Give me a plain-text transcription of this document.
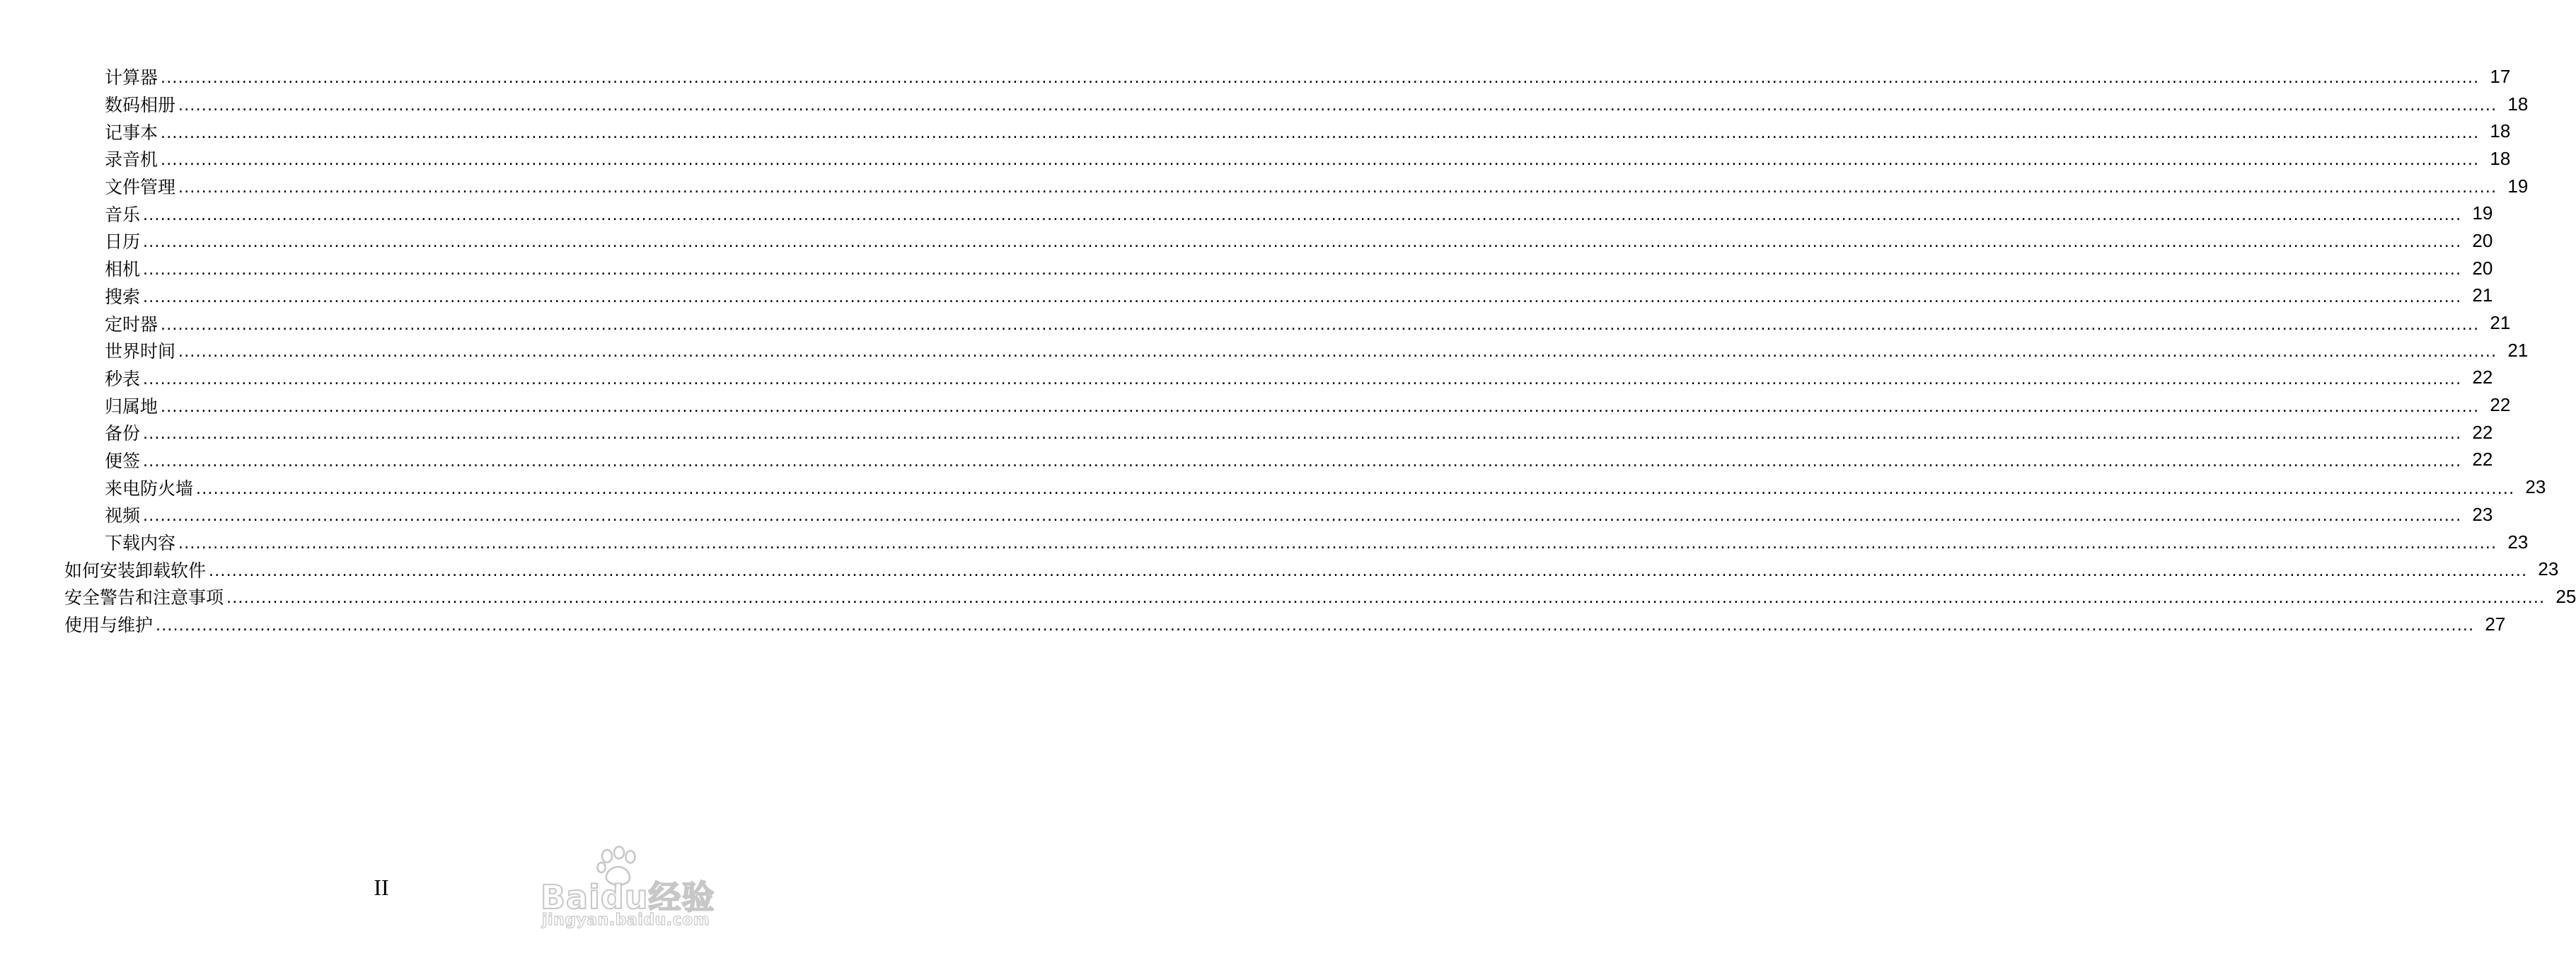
计算器 ................................................................................................................................................................................................................................................................................................................................................................................................................ 17
数码相册 ................................................................................................................................................................................................................................................................................................................................................................................................................ 18
记事本 ................................................................................................................................................................................................................................................................................................................................................................................................................ 18
录音机 ................................................................................................................................................................................................................................................................................................................................................................................................................ 18
文件管理 ................................................................................................................................................................................................................................................................................................................................................................................................................ 19
音乐 ................................................................................................................................................................................................................................................................................................................................................................................................................ 19
日历 ................................................................................................................................................................................................................................................................................................................................................................................................................ 20
相机 ................................................................................................................................................................................................................................................................................................................................................................................................................ 20
搜索 ................................................................................................................................................................................................................................................................................................................................................................................................................ 21
定时器 ................................................................................................................................................................................................................................................................................................................................................................................................................ 21
世界时间 ................................................................................................................................................................................................................................................................................................................................................................................................................ 21
秒表 ................................................................................................................................................................................................................................................................................................................................................................................................................ 22
归属地 ................................................................................................................................................................................................................................................................................................................................................................................................................ 22
备份 ................................................................................................................................................................................................................................................................................................................................................................................................................ 22
便签 ................................................................................................................................................................................................................................................................................................................................................................................................................ 22
来电防火墙 ................................................................................................................................................................................................................................................................................................................................................................................................................ 23
视频 ................................................................................................................................................................................................................................................................................................................................................................................................................ 23
下载内容 ................................................................................................................................................................................................................................................................................................................................................................................................................ 23
如何安装卸载软件 ................................................................................................................................................................................................................................................................................................................................................................................................................ 23
安全警告和注意事项 ................................................................................................................................................................................................................................................................................................................................................................................................................ 25
使用与维护 ................................................................................................................................................................................................................................................................................................................................................................................................................ 27
II	Baidu经验
jingyan.baidu.com
